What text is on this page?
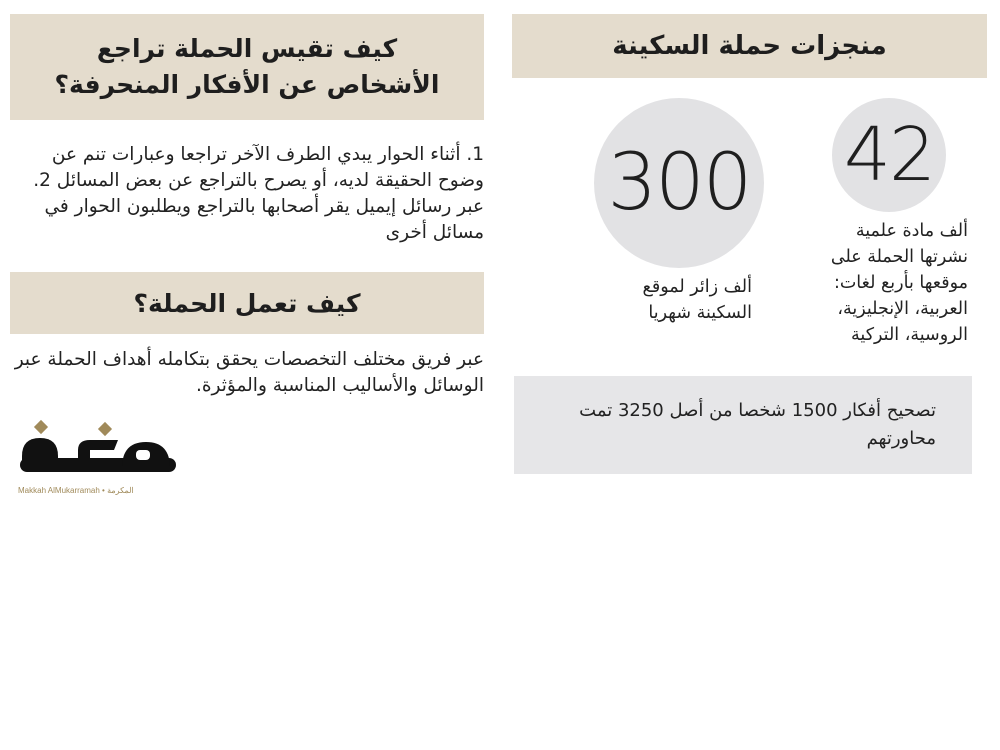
كيف تقيس الحملة تراجع الأشخاص عن الأفكار المنحرفة؟
1. أثناء الحوار يبدي الطرف الآخر تراجعا وعبارات تنم عن وضوح الحقيقة لديه، أو يصرح بالتراجع عن بعض المسائل 2. عبر رسائل إيميل يقر أصحابها بالتراجع ويطلبون الحوار في مسائل أخرى
كيف تعمل الحملة؟
عبر فريق مختلف التخصصات يحقق بتكامله أهداف الحملة عبر الوسائل والأساليب المناسبة والمؤثرة.
Makkah AlMukarramah • المكرمة
منجزات حملة السكينة
42
ألف مادة علمية نشرتها الحملة على موقعها بأربع لغات: العربية، الإنجليزية، الروسية، التركية
300
ألف زائر لموقع السكينة شهريا
تصحيح أفكار 1500 شخصا من أصل 3250 تمت محاورتهم
